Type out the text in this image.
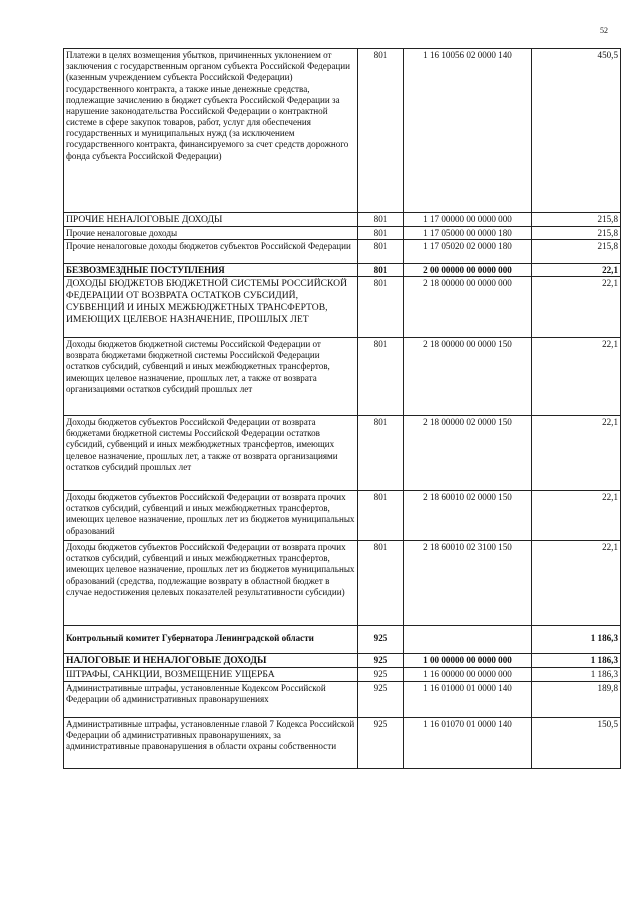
52
Платежи в целях возмещения убытков, причиненных уклонением от заключения с государственным органом субъекта Российской Федерации (казенным учреждением субъекта Российской Федерации) государственного контракта, а также иные денежные средства, подлежащие зачислению в бюджет субъекта Российской Федерации за нарушение законодательства Российской Федерации о контрактной системе в сфере закупок товаров, работ, услуг для обеспечения государственных и муниципальных нужд (за исключением государственного контракта, финансируемого за счет средств дорожного фонда субъекта Российской Федерации)	801	1 16 10056 02 0000 140	450,5
ПРОЧИЕ НЕНАЛОГОВЫЕ ДОХОДЫ	801	1 17 00000 00 0000 000	215,8
Прочие неналоговые доходы	801	1 17 05000 00 0000 180	215,8
Прочие неналоговые доходы бюджетов субъектов Российской Федерации	801	1 17 05020 02 0000 180	215,8
БЕЗВОЗМЕЗДНЫЕ ПОСТУПЛЕНИЯ	801	2 00 00000 00 0000 000	22,1
ДОХОДЫ БЮДЖЕТОВ БЮДЖЕТНОЙ СИСТЕМЫ РОССИЙСКОЙ ФЕДЕРАЦИИ ОТ ВОЗВРАТА ОСТАТКОВ СУБСИДИЙ, СУБВЕНЦИЙ И ИНЫХ МЕЖБЮДЖЕТНЫХ ТРАНСФЕРТОВ, ИМЕЮЩИХ ЦЕЛЕВОЕ НАЗНАЧЕНИЕ, ПРОШЛЫХ ЛЕТ	801	2 18 00000 00 0000 000	22,1
Доходы бюджетов бюджетной системы Российской Федерации от возврата бюджетами бюджетной системы Российской Федерации остатков субсидий, субвенций и иных межбюджетных трансфертов, имеющих целевое назначение, прошлых лет, а также от возврата организациями остатков субсидий прошлых лет	801	2 18 00000 00 0000 150	22,1
Доходы бюджетов субъектов Российской Федерации от возврата бюджетами бюджетной системы Российской Федерации остатков субсидий, субвенций и иных межбюджетных трансфертов, имеющих целевое назначение, прошлых лет, а также от возврата организациями остатков субсидий прошлых лет	801	2 18 00000 02 0000 150	22,1
Доходы бюджетов субъектов Российской Федерации от возврата прочих остатков субсидий, субвенций и иных межбюджетных трансфертов, имеющих целевое назначение, прошлых лет из бюджетов муниципальных образований	801	2 18 60010 02 0000 150	22,1
Доходы бюджетов субъектов Российской Федерации от возврата прочих остатков субсидий, субвенций и иных межбюджетных трансфертов, имеющих целевое назначение, прошлых лет из бюджетов муниципальных образований (средства, подлежащие возврату в областной бюджет в случае недостижения целевых показателей результативности субсидии)	801	2 18 60010 02 3100 150	22,1
Контрольный комитет Губернатора Ленинградской области	925		1 186,3
НАЛОГОВЫЕ И НЕНАЛОГОВЫЕ ДОХОДЫ	925	1 00 00000 00 0000 000	1 186,3
ШТРАФЫ, САНКЦИИ, ВОЗМЕЩЕНИЕ УЩЕРБА	925	1 16 00000 00 0000 000	1 186,3
Административные штрафы, установленные Кодексом Российской Федерации об административных правонарушениях	925	1 16 01000 01 0000 140	189,8
Административные штрафы, установленные главой 7 Кодекса Российской Федерации об административных правонарушениях, за административные правонарушения в области охраны собственности	925	1 16 01070 01 0000 140	150,5
